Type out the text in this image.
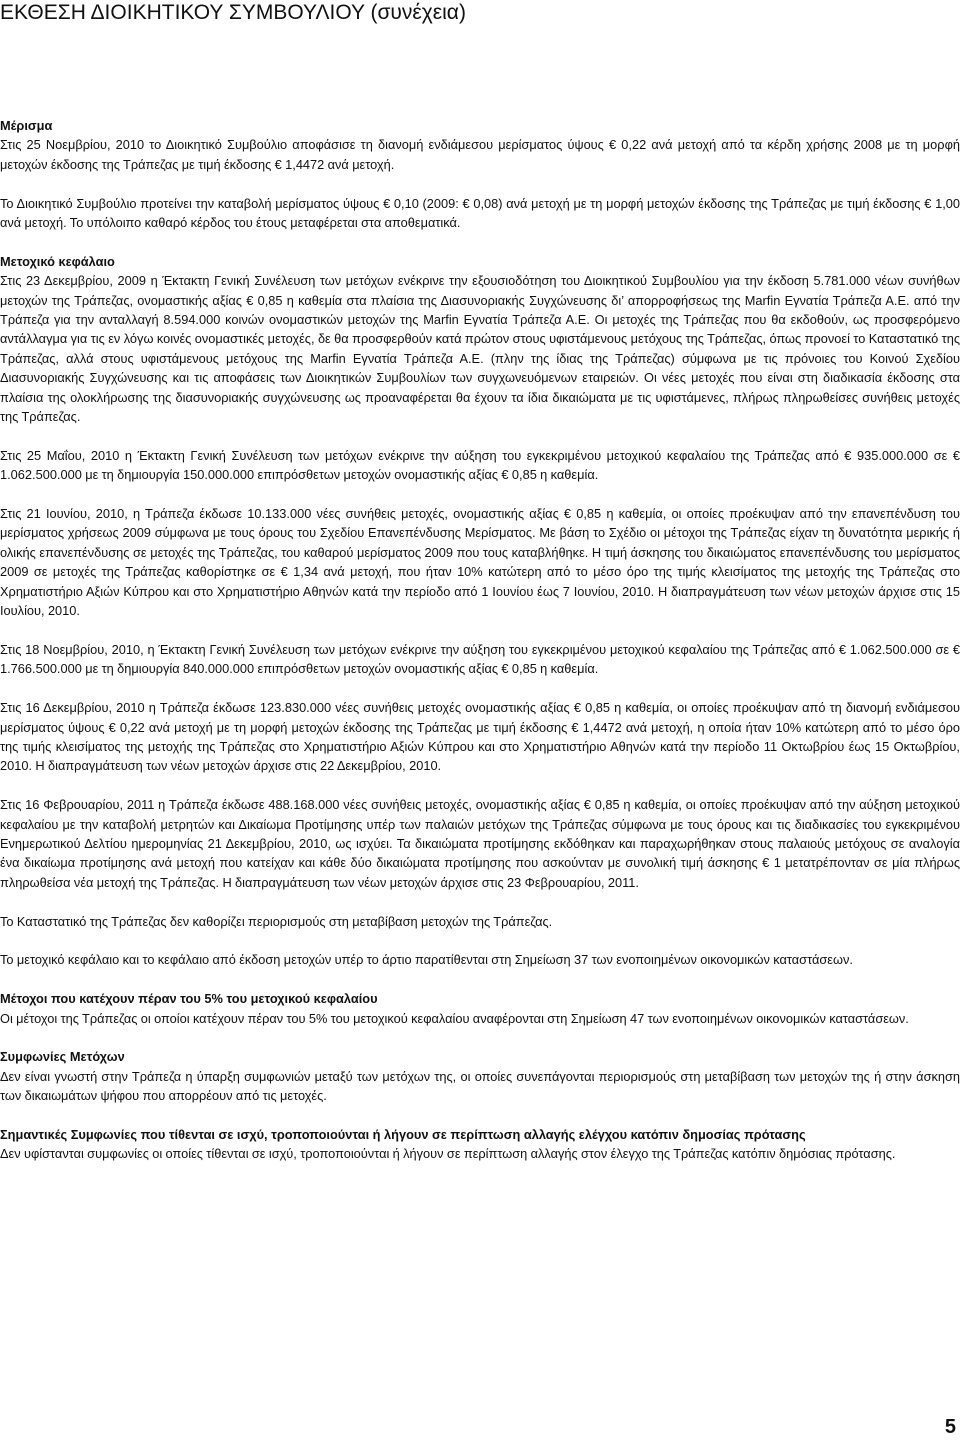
ΕΚΘΕΣΗ ΔΙΟΙΚΗΤΙΚΟΥ ΣΥΜΒΟΥΛΙΟΥ (συνέχεια)
Μέρισμα

Στις 25 Νοεμβρίου, 2010 το Διοικητικό Συμβούλιο αποφάσισε τη διανομή ενδιάμεσου μερίσματος ύψους € 0,22 ανά μετοχή από τα κέρδη χρήσης 2008 με τη μορφή μετοχών έκδοσης της Τράπεζας με τιμή έκδοσης € 1,4472 ανά μετοχή.

Το Διοικητικό Συμβούλιο προτείνει την καταβολή μερίσματος ύψους € 0,10 (2009: € 0,08) ανά μετοχή με τη μορφή μετοχών έκδοσης της Τράπεζας με τιμή έκδοσης € 1,00 ανά μετοχή. Το υπόλοιπο καθαρό κέρδος του έτους μεταφέρεται στα αποθεματικά.

Μετοχικό κεφάλαιο

Στις 23 Δεκεμβρίου, 2009 η Έκτακτη Γενική Συνέλευση των μετόχων ενέκρινε την εξουσιοδότηση του Διοικητικού Συμβουλίου για την έκδοση 5.781.000 νέων συνήθων μετοχών της Τράπεζας, ονομαστικής αξίας € 0,85 η καθεμία στα πλαίσια της Διασυνοριακής Συγχώνευσης δι’ απορροφήσεως της Marfin Εγνατία Τράπεζα Α.Ε. από την Τράπεζα για την ανταλλαγή 8.594.000 κοινών ονομαστικών μετοχών της Marfin Εγνατία Τράπεζα Α.Ε. Οι μετοχές της Τράπεζας που θα εκδοθούν, ως προσφερόμενο αντάλλαγμα για τις εν λόγω κοινές ονομαστικές μετοχές, δε θα προσφερθούν κατά πρώτον στους υφιστάμενους μετόχους της Τράπεζας, όπως προνοεί το Καταστατικό της Τράπεζας, αλλά στους υφιστάμενους μετόχους της Marfin Εγνατία Τράπεζα Α.Ε. (πλην της ίδιας της Τράπεζας) σύμφωνα με τις πρόνοιες του Κοινού Σχεδίου Διασυνοριακής Συγχώνευσης και τις αποφάσεις των Διοικητικών Συμβουλίων των συγχωνευόμενων εταιρειών. Οι νέες μετοχές που είναι στη διαδικασία έκδοσης στα πλαίσια της ολοκλήρωσης της διασυνοριακής συγχώνευσης ως προαναφέρεται θα έχουν τα ίδια δικαιώματα με τις υφιστάμενες, πλήρως πληρωθείσες συνήθεις μετοχές της Τράπεζας.

Στις 25 Μαΐου, 2010 η Έκτακτη Γενική Συνέλευση των μετόχων ενέκρινε την αύξηση του εγκεκριμένου μετοχικού κεφαλαίου της Τράπεζας από € 935.000.000 σε € 1.062.500.000 με τη δημιουργία 150.000.000 επιπρόσθετων μετοχών ονομαστικής αξίας € 0,85 η καθεμία.

Στις 21 Ιουνίου, 2010, η Τράπεζα έκδωσε 10.133.000 νέες συνήθεις μετοχές, ονομαστικής αξίας € 0,85 η καθεμία, οι οποίες προέκυψαν από την επανεπένδυση του μερίσματος χρήσεως 2009 σύμφωνα με τους όρους του Σχεδίου Επανεπένδυσης Μερίσματος. Με βάση το Σχέδιο οι μέτοχοι της Τράπεζας είχαν τη δυνατότητα μερικής ή ολικής επανεπένδυσης σε μετοχές της Τράπεζας, του καθαρού μερίσματος 2009 που τους καταβλήθηκε. Η τιμή άσκησης του δικαιώματος επανεπένδυσης του μερίσματος 2009 σε μετοχές της Τράπεζας καθορίστηκε σε € 1,34 ανά μετοχή, που ήταν 10% κατώτερη από το μέσο όρο της τιμής κλεισίματος της μετοχής της Τράπεζας στο Χρηματιστήριο Αξιών Κύπρου και στο Χρηματιστήριο Αθηνών κατά την περίοδο από 1 Ιουνίου έως 7 Ιουνίου, 2010. Η διαπραγμάτευση των νέων μετοχών άρχισε στις 15 Ιουλίου, 2010.

Στις 18 Νοεμβρίου, 2010, η Έκτακτη Γενική Συνέλευση των μετόχων ενέκρινε την αύξηση του εγκεκριμένου μετοχικού κεφαλαίου της Τράπεζας από € 1.062.500.000 σε € 1.766.500.000 με τη δημιουργία 840.000.000 επιπρόσθετων μετοχών ονομαστικής αξίας € 0,85 η καθεμία.

Στις 16 Δεκεμβρίου, 2010 η Τράπεζα έκδωσε 123.830.000 νέες συνήθεις μετοχές ονομαστικής αξίας € 0,85 η καθεμία, οι οποίες προέκυψαν από τη διανομή ενδιάμεσου μερίσματος ύψους € 0,22 ανά μετοχή με τη μορφή μετοχών έκδοσης της Τράπεζας με τιμή έκδοσης € 1,4472 ανά μετοχή, η οποία ήταν 10% κατώτερη από το μέσο όρο της τιμής κλεισίματος της μετοχής της Τράπεζας στο Χρηματιστήριο Αξιών Κύπρου και στο Χρηματιστήριο Αθηνών κατά την περίοδο 11 Οκτωβρίου έως 15 Οκτωβρίου, 2010. Η διαπραγμάτευση των νέων μετοχών άρχισε στις 22 Δεκεμβρίου, 2010.

Στις 16 Φεβρουαρίου, 2011 η Τράπεζα έκδωσε 488.168.000 νέες συνήθεις μετοχές, ονομαστικής αξίας € 0,85 η καθεμία, οι οποίες προέκυψαν από την αύξηση μετοχικού κεφαλαίου με την καταβολή μετρητών και Δικαίωμα Προτίμησης υπέρ των παλαιών μετόχων της Τράπεζας σύμφωνα με τους όρους και τις διαδικασίες του εγκεκριμένου Ενημερωτικού Δελτίου ημερομηνίας 21 Δεκεμβρίου, 2010, ως ισχύει. Τα δικαιώματα προτίμησης εκδόθηκαν και παραχωρήθηκαν στους παλαιούς μετόχους σε αναλογία ένα δικαίωμα προτίμησης ανά μετοχή που κατείχαν και κάθε δύο δικαιώματα προτίμησης που ασκούνταν με συνολική τιμή άσκησης € 1 μετατρέπονταν σε μία πλήρως πληρωθείσα νέα μετοχή της Τράπεζας. Η διαπραγμάτευση των νέων μετοχών άρχισε στις 23 Φεβρουαρίου, 2011.

Το Καταστατικό της Τράπεζας δεν καθορίζει περιορισμούς στη μεταβίβαση μετοχών της Τράπεζας.

Το μετοχικό κεφάλαιο και το κεφάλαιο από έκδοση μετοχών υπέρ το άρτιο παρατίθενται στη Σημείωση 37 των ενοποιημένων οικονομικών καταστάσεων.

Μέτοχοι που κατέχουν πέραν του 5% του μετοχικού κεφαλαίου

Οι μέτοχοι της Τράπεζας οι οποίοι κατέχουν πέραν του 5% του μετοχικού κεφαλαίου αναφέρονται στη Σημείωση 47 των ενοποιημένων οικονομικών καταστάσεων.

Συμφωνίες Μετόχων

Δεν είναι γνωστή στην Τράπεζα η ύπαρξη συμφωνιών μεταξύ των μετόχων της, οι οποίες συνεπάγονται περιορισμούς στη μεταβίβαση των μετοχών της ή στην άσκηση των δικαιωμάτων ψήφου που απορρέουν από τις μετοχές.

Σημαντικές Συμφωνίες που τίθενται σε ισχύ, τροποποιούνται ή λήγουν σε περίπτωση αλλαγής ελέγχου κατόπιν δημοσίας πρότασης

Δεν υφίστανται συμφωνίες οι οποίες τίθενται σε ισχύ, τροποποιούνται ή λήγουν σε περίπτωση αλλαγής στον έλεγχο της Τράπεζας κατόπιν δημόσιας πρότασης.

5
